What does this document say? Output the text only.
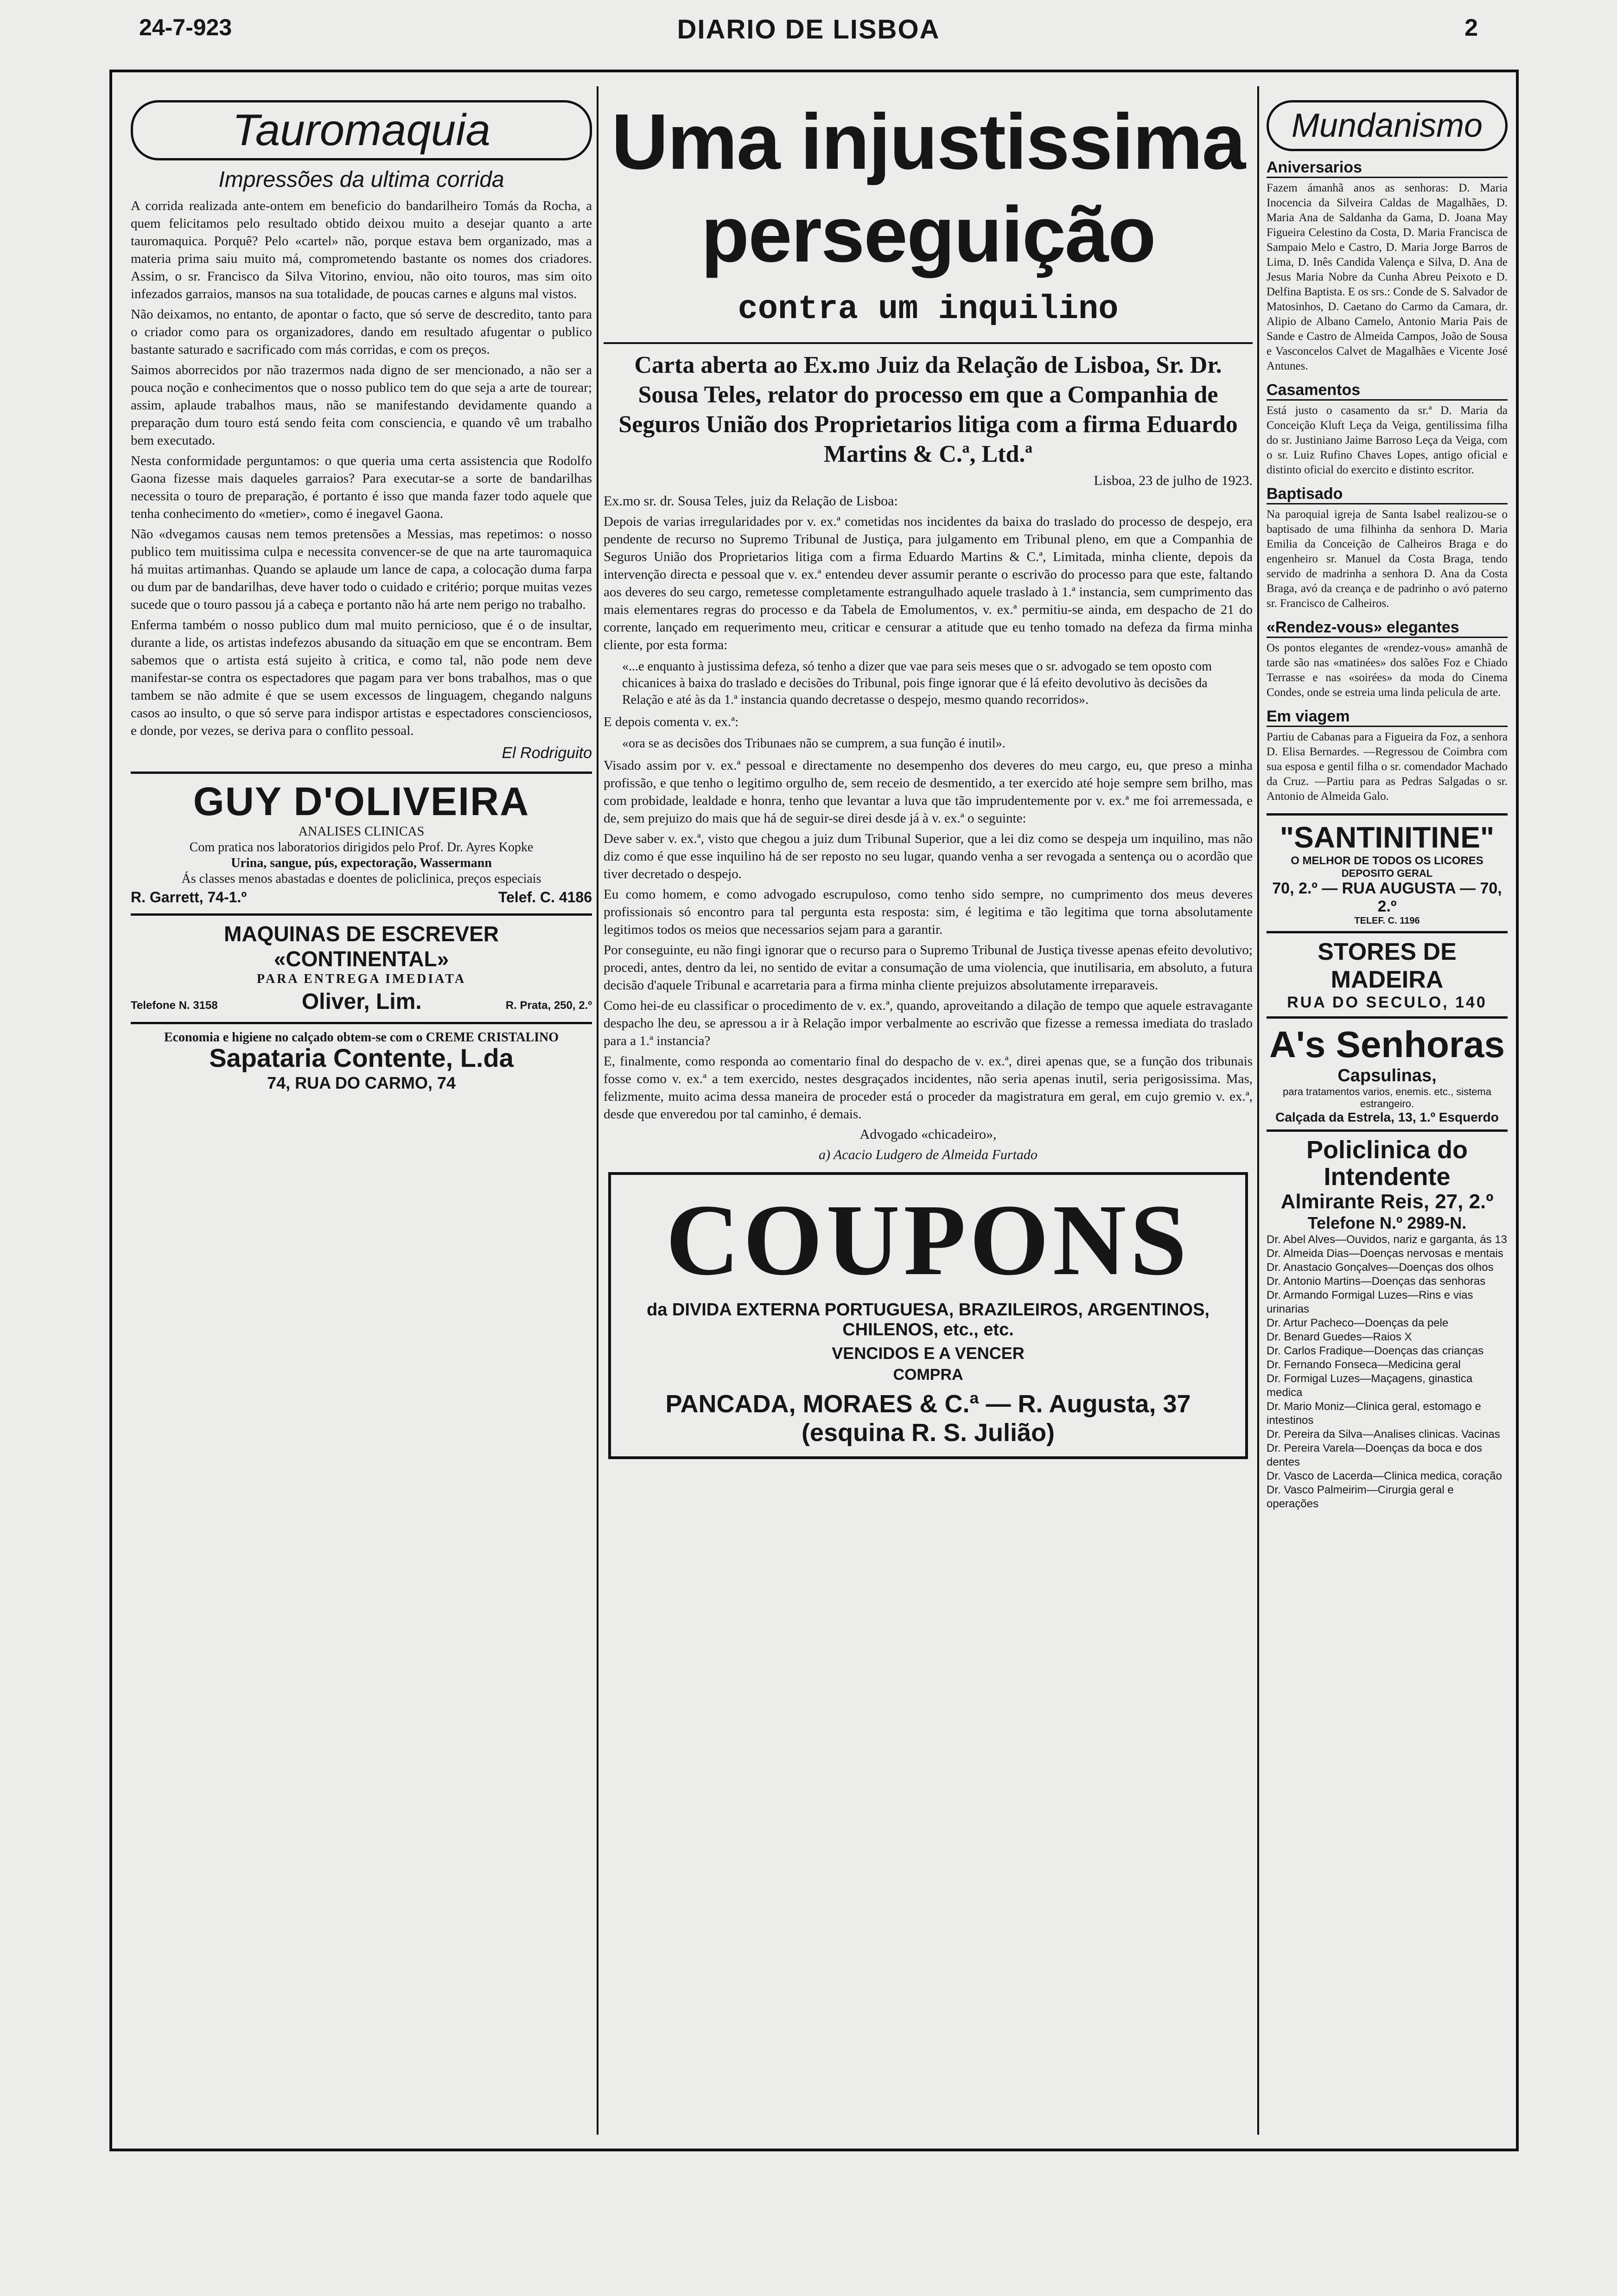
24-7-923	DIARIO DE LISBOA	2
Tauromaquia
Impressões da ultima corrida

A corrida realizada ante-ontem em beneficio do bandarilheiro Tomás da Rocha, a quem felicitamos pelo resultado obtido deixou muito a desejar quanto a arte tauromaquica. Porquê? Pelo «cartel» não, porque estava bem organizado, mas a materia prima saiu muito má, comprometendo bastante os nomes dos criadores. Assim, o sr. Francisco da Silva Vitorino, enviou, não oito touros, mas sim oito infezados garraios, mansos na sua totalidade, de poucas carnes e alguns mal vistos.

Não deixamos, no entanto, de apontar o facto, que só serve de descredito, tanto para o criador como para os organizadores, dando em resultado afugentar o publico bastante saturado e sacrificado com más corridas, e com os preços.

Saimos aborrecidos por não trazermos nada digno de ser mencionado, a não ser a pouca noção e conhecimentos que o nosso publico tem do que seja a arte de tourear; assim, aplaude trabalhos maus, não se manifestando devidamente quando a preparação dum touro está sendo feita com consciencia, e quando vê um trabalho bem executado.

Nesta conformidade perguntamos: o que queria uma certa assistencia que Rodolfo Gaona fizesse mais daqueles garraios? Para executar-se a sorte de bandarilhas necessita o touro de preparação, é portanto é isso que manda fazer todo aquele que tenha conhecimento do «metier», como é inegavel Gaona.

Não «dvegamos causas nem temos pretensões a Messias, mas repetimos: o nosso publico tem muitissima culpa e necessita convencer-se de que na arte tauromaquica há muitas artimanhas. Quando se aplaude um lance de capa, a colocação duma farpa ou dum par de bandarilhas, deve haver todo o cuidado e critério; porque muitas vezes sucede que o touro passou já a cabeça e portanto não há arte nem perigo no trabalho.

Enferma também o nosso publico dum mal muito pernicioso, que é o de insultar, durante a lide, os artistas indefezos abusando da situação em que se encontram. Bem sabemos que o artista está sujeito à critica, e como tal, não pode nem deve manifestar-se contra os espectadores que pagam para ver bons trabalhos, mas o que tambem se não admite é que se usem excessos de linguagem, chegando nalguns casos ao insulto, o que só serve para indispor artistas e espectadores conscienciosos, e donde, por vezes, se deriva para o conflito pessoal.

El Rodriguito
GUY D'OLIVEIRA
ANALISES CLINICAS
Com pratica nos laboratorios dirigidos pelo Prof. Dr. Ayres Kopke
Urina, sangue, pús, expectoração, Wassermann
Ás classes menos abastadas e doentes de policlinica, preços especiais
R. Garrett, 74-1.º	Telef. C. 4186
MAQUINAS DE ESCREVER
«CONTINENTAL»
PARA ENTREGA IMEDIATA
Telefone N. 3158	Oliver, Lim.	R. Prata, 250, 2.º
Economia e higiene no calçado obtem-se com o CREME CRISTALINO
Sapataria Contente, L.da
74, RUA DO CARMO, 74
Uma injustissima perseguição
contra um inquilino
Carta aberta ao Ex.mo Juiz da Relação de Lisboa, Sr. Dr. Sousa Teles, relator do processo em que a Companhia de Seguros União dos Proprietarios litiga com a firma Eduardo Martins & C.ª, Ltd.ª
Lisboa, 23 de julho de 1923.
Ex.mo sr. dr. Sousa Teles, juiz da Relação de Lisboa:

Depois de varias irregularidades por v. ex.ª cometidas nos incidentes da baixa do traslado do processo de despejo, era pendente de recurso no Supremo Tribunal de Justiça, para julgamento em Tribunal pleno, em que a Companhia de Seguros União dos Proprietarios litiga com a firma Eduardo Martins & C.ª, Limitada, minha cliente, depois da intervenção directa e pessoal que v. ex.ª entendeu dever assumir perante o escrivão do processo para que este, faltando aos deveres do seu cargo, remetesse completamente estrangulhado aquele traslado à 1.ª instancia, sem cumprimento das mais elementares regras do processo e da Tabela de Emolumentos, v. ex.ª permitiu-se ainda, em despacho de 21 do corrente, lançado em requerimento meu, criticar e censurar a atitude que eu tenho tomado na defeza da firma minha cliente, por esta forma:

«...e enquanto à justissima defeza, só tenho a dizer que vae para seis meses que o sr. advogado se tem oposto com chicanices à baixa do traslado e decisões do Tribunal, pois finge ignorar que é lá efeito devolutivo às decisões da Relação e até às da 1.ª instancia quando decretasse o despejo, mesmo quando recorridos».

E depois comenta v. ex.ª:

«ora se as decisões dos Tribunaes não se cumprem, a sua função é inutil».

Visado assim por v. ex.ª pessoal e directamente no desempenho dos deveres do meu cargo, eu, que preso a minha profissão, e que tenho o legitimo orgulho de, sem receio de desmentido, a ter exercido até hoje sempre sem brilho, mas com probidade, lealdade e honra, tenho que levantar a luva que tão imprudentemente por v. ex.ª me foi arremessada, e de, sem prejuizo do mais que há de seguir-se direi desde já à v. ex.ª o seguinte:

Deve saber v. ex.ª, visto que chegou a juiz dum Tribunal Superior, que a lei diz como se despeja um inquilino, mas não diz como é que esse inquilino há de ser reposto no seu lugar, quando venha a ser revogada a sentença ou o acordão que tiver decretado o despejo.

Eu como homem, e como advogado escrupuloso, como tenho sido sempre, no cumprimento dos meus deveres profissionais só encontro para tal pergunta esta resposta: sim, é legitima e tão legitima que torna absolutamente legitimos todos os meios que necessarios sejam para a garantir.

Por conseguinte, eu não fingi ignorar que o recurso para o Supremo Tribunal de Justiça tivesse apenas efeito devolutivo; procedi, antes, dentro da lei, no sentido de evitar a consumação de uma violencia, que inutilisaria, em absoluto, a futura decisão d'aquele Tribunal e acarretaria para a firma minha cliente prejuizos absolutamente irreparaveis.

Como hei-de eu classificar o procedimento de v. ex.ª, quando, aproveitando a dilação de tempo que aquele estravagante despacho lhe deu, se apressou a ir à Relação impor verbalmente ao escrivão que fizesse a remessa imediata do traslado para a 1.ª instancia?

E, finalmente, como responda ao comentario final do despacho de v. ex.ª, direi apenas que, se a função dos tribunais fosse como v. ex.ª a tem exercido, nestes desgraçados incidentes, não seria apenas inutil, seria perigosissima. Mas, felizmente, muito acima dessa maneira de proceder está o proceder da magistratura em geral, em cujo gremio v. ex.ª, desde que enveredou por tal caminho, é demais.

Advogado «chicadeiro»,
a) Acacio Ludgero de Almeida Furtado
COUPONS
da DIVIDA EXTERNA PORTUGUESA, BRAZILEIROS, ARGENTINOS, CHILENOS, etc., etc.
VENCIDOS E A VENCER
COMPRA
PANCADA, MORAES & C.ª — R. Augusta, 37 (esquina R. S. Julião)
Mundanismo
Aniversarios
Fazem ámanhã anos as senhoras: D. Maria Inocencia da Silveira Caldas de Magalhães, D. Maria Ana de Saldanha da Gama, D. Joana May Figueira Celestino da Costa, D. Maria Francisca de Sampaio Melo e Castro, D. Maria Jorge Barros de Lima, D. Inês Candida Valença e Silva, D. Ana de Jesus Maria Nobre da Cunha Abreu Peixoto e D. Delfina Baptista. E os srs.: Conde de S. Salvador de Matosinhos, D. Caetano do Carmo da Camara, dr. Alipio de Albano Camelo, Antonio Maria Pais de Sande e Castro de Almeida Campos, João de Sousa e Vasconcelos Calvet de Magalhães e Vicente José Antunes.
Casamentos
Está justo o casamento da sr.ª D. Maria da Conceição Kluft Leça da Veiga, gentilissima filha do sr. Justiniano Jaime Barroso Leça da Veiga, com o sr. Luiz Rufino Chaves Lopes, antigo oficial e distinto oficial do exercito e distinto escritor.
Baptisado
Na paroquial igreja de Santa Isabel realizou-se o baptisado de uma filhinha da senhora D. Maria Emilia da Conceição de Calheiros Braga e do engenheiro sr. Manuel da Costa Braga, tendo servido de madrinha a senhora D. Ana da Costa Braga, avó da creança e de padrinho o avó paterno sr. Francisco de Calheiros.
«Rendez-vous» elegantes
Os pontos elegantes de «rendez-vous» amanhã de tarde são nas «matinées» dos salões Foz e Chiado Terrasse e nas «soirées» da moda do Cinema Condes, onde se estreia uma linda pelicula de arte.
Em viagem
Partiu de Cabanas para a Figueira da Foz, a senhora D. Elisa Bernardes. —Regressou de Coimbra com sua esposa e gentil filha o sr. comendador Machado da Cruz. —Partiu para as Pedras Salgadas o sr. Antonio de Almeida Galo.
"SANTINITINE"
O MELHOR DE TODOS OS LICORES
DEPOSITO GERAL
70, 2.º — RUA AUGUSTA — 70, 2.º
TELEF. C. 1196
STORES DE MADEIRA
RUA DO SECULO, 140
A's Senhoras
Capsulinas,
para tratamentos varios, enemis. etc., sistema estrangeiro.
Calçada da Estrela, 13, 1.º Esquerdo
Policlinica do Intendente
Almirante Reis, 27, 2.º
Telefone N.º 2989-N.
Dr. Abel Alves—Ouvidos, nariz e garganta, ás 13
Dr. Almeida Dias—Doenças nervosas e mentais
Dr. Anastacio Gonçalves—Doenças dos olhos
Dr. Antonio Martins—Doenças das senhoras
Dr. Armando Formigal Luzes—Rins e vias urinarias
Dr. Artur Pacheco—Doenças da pele
Dr. Benard Guedes—Raios X
Dr. Carlos Fradique—Doenças das crianças
Dr. Fernando Fonseca—Medicina geral
Dr. Formigal Luzes—Maçagens, ginastica medica
Dr. Mario Moniz—Clinica geral, estomago e intestinos
Dr. Pereira da Silva—Analises clinicas. Vacinas
Dr. Pereira Varela—Doenças da boca e dos dentes
Dr. Vasco de Lacerda—Clinica medica, coração
Dr. Vasco Palmeirim—Cirurgia geral e operações
